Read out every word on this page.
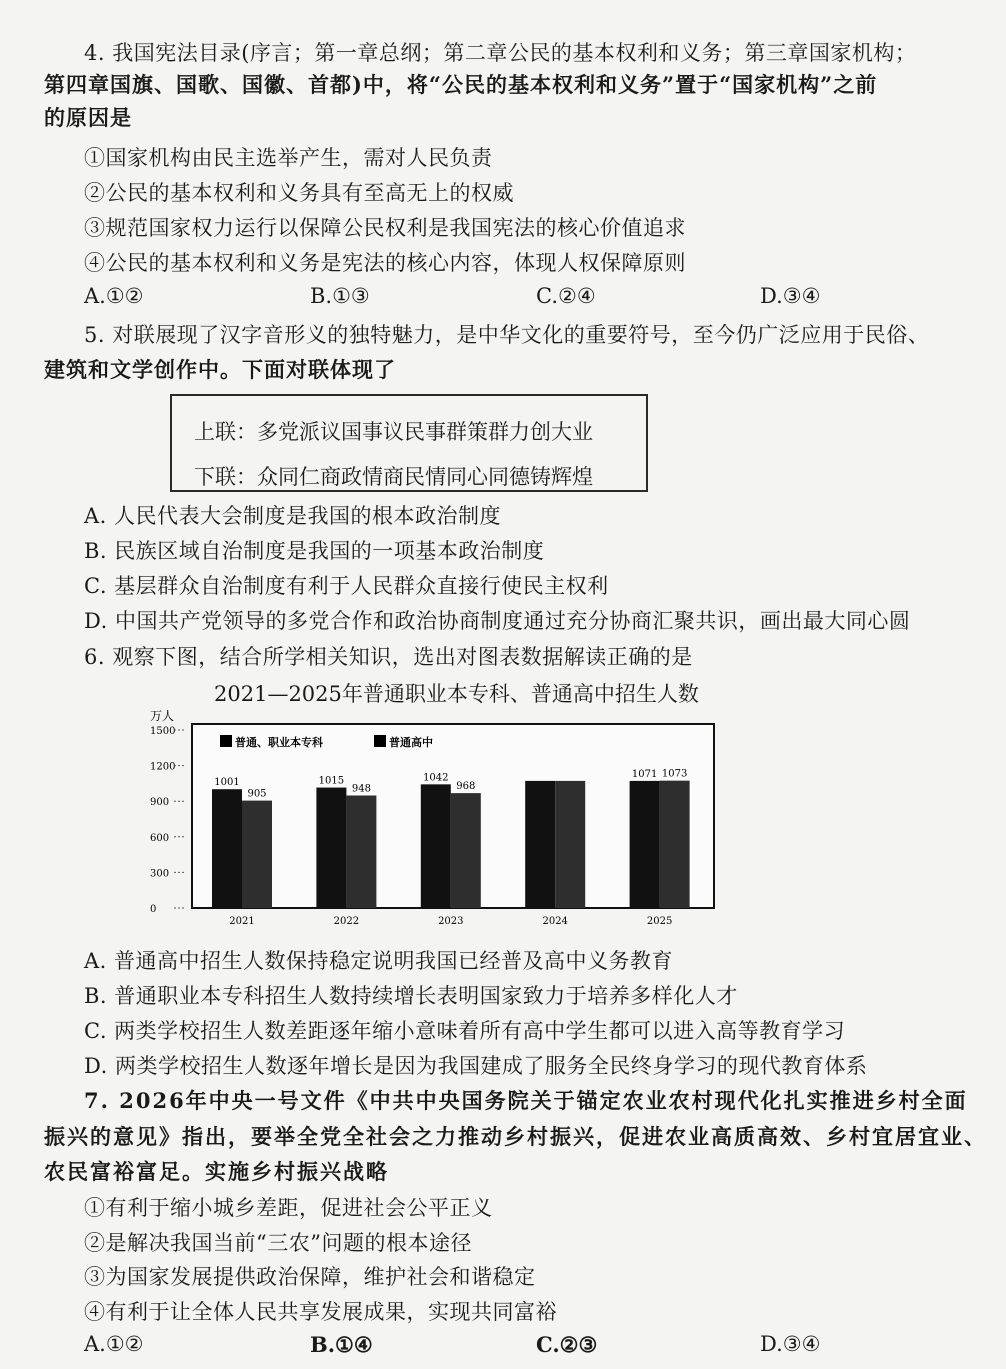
4. 我国宪法目录(序言；第一章总纲；第二章公民的基本权利和义务；第三章国家机构；
第四章国旗、国歌、国徽、首都)中，将“公民的基本权利和义务”置于“国家机构”之前
的原因是
①国家机构由民主选举产生，需对人民负责
②公民的基本权利和义务具有至高无上的权威
③规范国家权力运行以保障公民权利是我国宪法的核心价值追求
④公民的基本权利和义务是宪法的核心内容，体现人权保障原则
A.①②	B.①③	C.②④	D.③④
5. 对联展现了汉字音形义的独特魅力，是中华文化的重要符号，至今仍广泛应用于民俗、
建筑和文学创作中。下面对联体现了
上联：多党派议国事议民事群策群力创大业
下联：众同仁商政情商民情同心同德铸辉煌
A. 人民代表大会制度是我国的根本政治制度
B. 民族区域自治制度是我国的一项基本政治制度
C. 基层群众自治制度有利于人民群众直接行使民主权利
D. 中国共产党领导的多党合作和政治协商制度通过充分协商汇聚共识，画出最大同心圆
6. 观察下图，结合所学相关知识，选出对图表数据解读正确的是
2021—2025年普通职业本专科、普通高中招生人数
万人
1500
1200
900
600
300
0
普通、职业本专科	普通高中
1001
905
1015
948
1042
968
1071 1073
2021	2022	2023	2024	2025
A. 普通高中招生人数保持稳定说明我国已经普及高中义务教育
B. 普通职业本专科招生人数持续增长表明国家致力于培养多样化人才
C. 两类学校招生人数差距逐年缩小意味着所有高中学生都可以进入高等教育学习
D. 两类学校招生人数逐年增长是因为我国建成了服务全民终身学习的现代教育体系
7. 2026年中央一号文件《中共中央国务院关于锚定农业农村现代化扎实推进乡村全面
振兴的意见》指出，要举全党全社会之力推动乡村振兴，促进农业高质高效、乡村宜居宜业、
农民富裕富足。实施乡村振兴战略
①有利于缩小城乡差距，促进社会公平正义
②是解决我国当前“三农”问题的根本途径
③为国家发展提供政治保障，维护社会和谐稳定
④有利于让全体人民共享发展成果，实现共同富裕
A.①②	B.①④	C.②③	D.③④
